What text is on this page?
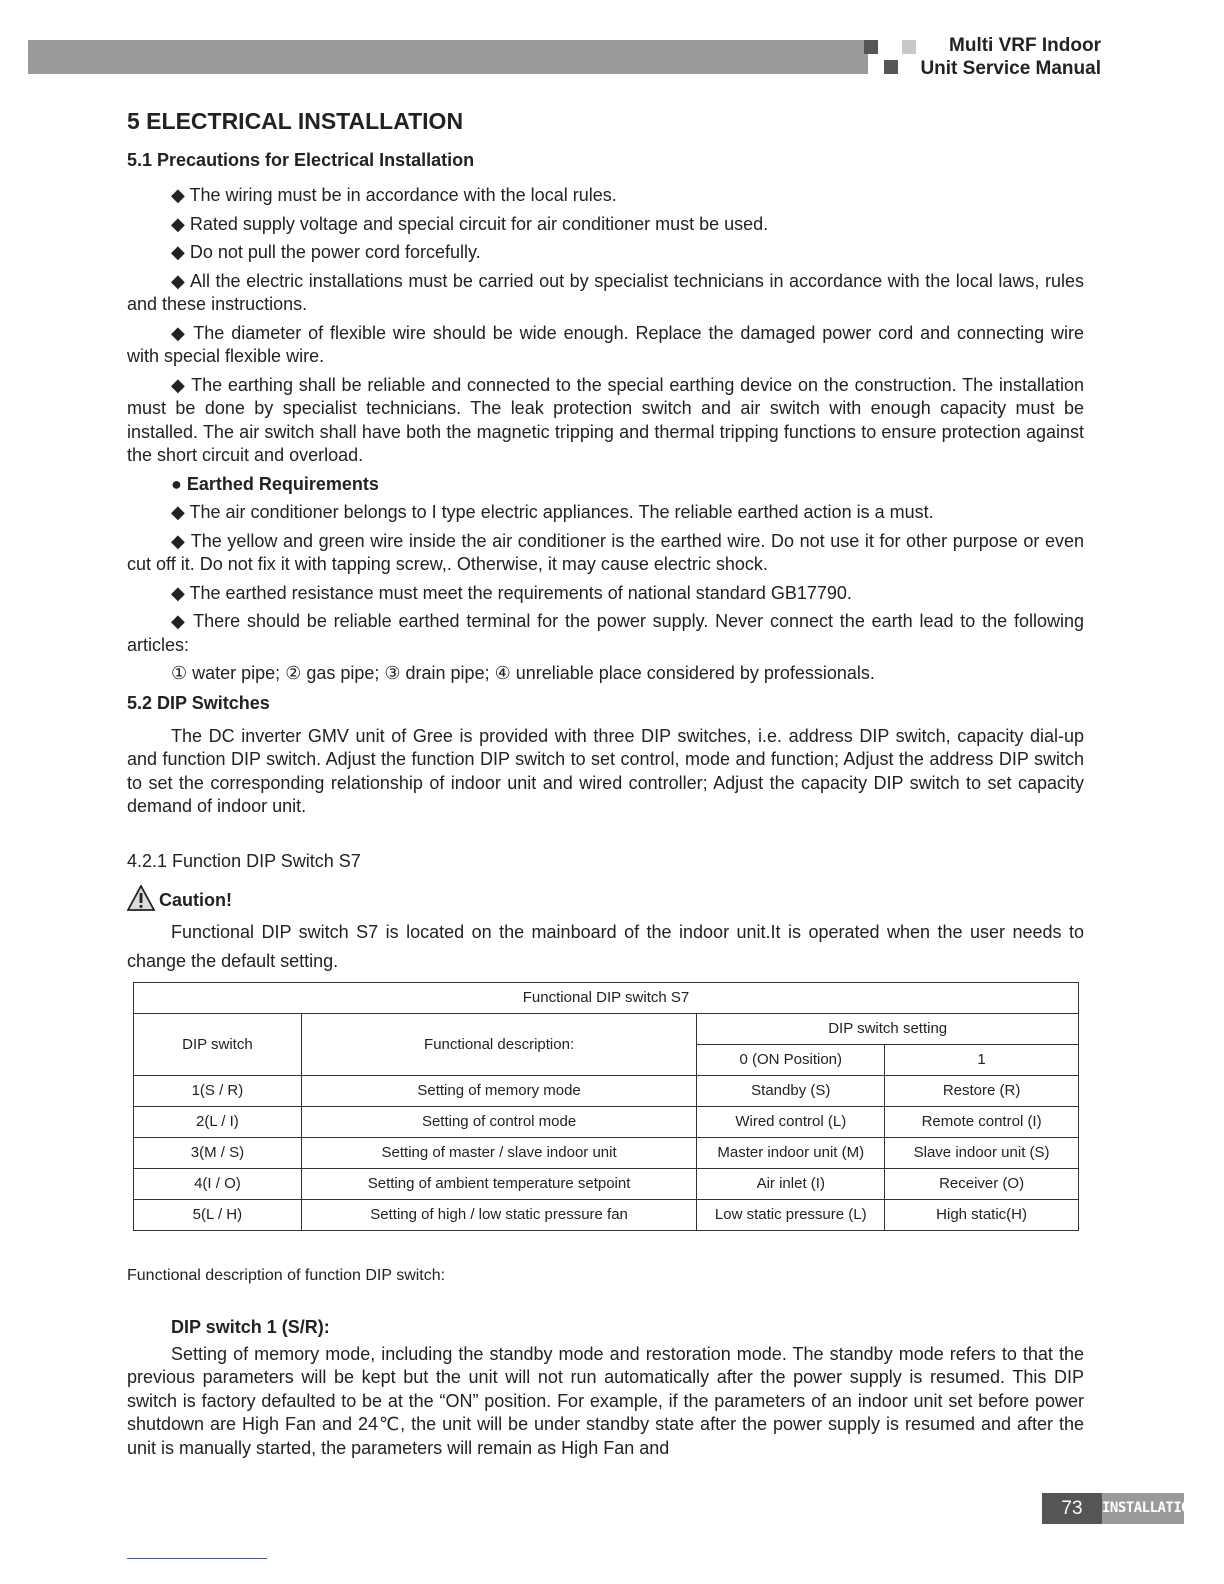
Multi VRF Indoor
Unit Service Manual
5 ELECTRICAL INSTALLATION
5.1 Precautions for Electrical Installation

◆ The wiring must be in accordance with the local rules.

◆ Rated supply voltage and special circuit for air conditioner must be used.

◆ Do not pull the power cord forcefully.

◆ All the electric installations must be carried out by specialist technicians in accordance with the local laws, rules and these instructions.

◆ The diameter of flexible wire should be wide enough. Replace the damaged power cord and connecting wire with special flexible wire.

◆ The earthing shall be reliable and connected to the special earthing device on the construction. The installation must be done by specialist technicians. The leak protection switch and air switch with enough capacity must be installed. The air switch shall have both the magnetic tripping and thermal tripping functions to ensure protection against the short circuit and overload.

● Earthed Requirements

◆ The air conditioner belongs to I type electric appliances. The reliable earthed action is a must.

◆ The yellow and green wire inside the air conditioner is the earthed wire. Do not use it for other purpose or even cut off it. Do not fix it with tapping screw,. Otherwise, it may cause electric shock.

◆ The earthed resistance must meet the requirements of national standard GB17790.

◆ There should be reliable earthed terminal for the power supply. Never connect the earth lead to the following articles:

① water pipe; ② gas pipe; ③ drain pipe; ④ unreliable place considered by professionals.

5.2 DIP Switches

The DC inverter GMV unit of Gree is provided with three DIP switches, i.e. address DIP switch, capacity dial-up and function DIP switch. Adjust the function DIP switch to set control, mode and function; Adjust the address DIP switch to set the corresponding relationship of indoor unit and wired controller; Adjust the capacity DIP switch to set capacity demand of indoor unit.

4.2.1 Function DIP Switch S7
Caution!

Functional DIP switch S7 is located on the mainboard of the indoor unit.It is operated when the user needs to change the default setting.

Functional DIP switch S7			
DIP switch	Functional description:	DIP switch setting	
		0 (ON Position)	1
1(S / R)	Setting of memory mode	Standby (S)	Restore (R)
2(L / I)	Setting of control mode	Wired control (L)	Remote control (I)
3(M / S)	Setting of master / slave indoor unit	Master indoor unit (M)	Slave indoor unit (S)
4(I / O)	Setting of ambient temperature setpoint	Air inlet (I)	Receiver (O)
5(L / H)	Setting of high / low static pressure fan	Low static pressure (L)	High static(H)
Functional description of function DIP switch:
DIP switch 1 (S/R):

Setting of memory mode, including the standby mode and restoration mode. The standby mode refers to that the previous parameters will be kept but the unit will not run automatically after the power supply is resumed. This DIP switch is factory defaulted to be at the “ON” position. For example, if the parameters of an indoor unit set before power shutdown are High Fan and 24℃, the unit will be under standby state after the power supply is resumed and after the unit is manually started, the parameters will remain as High Fan and

73	INSTALLATION
